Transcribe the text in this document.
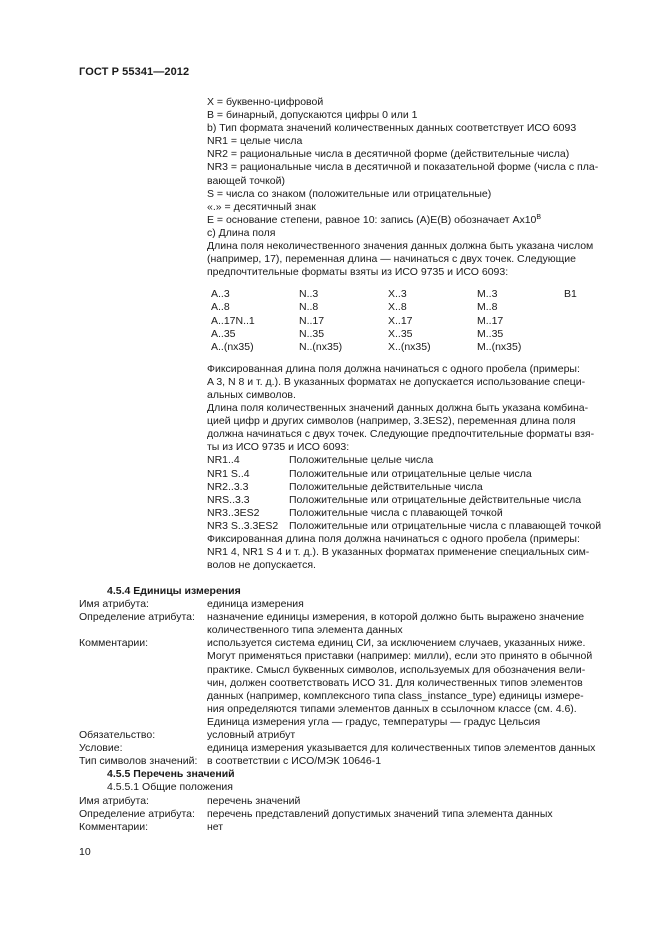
ГОСТ Р 55341—2012
X = буквенно-цифровой
В = бинарный, допускаются цифры 0 или 1
b) Тип формата значений количественных данных соответствует ИСО 6093
NR1 = целые числа
NR2 = рациональные числа в десятичной форме (действительные числа)
NR3 = рациональные числа в десятичной и показательной форме (числа с пла-
вающей точкой)
S = числа со знаком (положительные или отрицательные)
«.» = десятичный знак
Е = основание степени, равное 10: запись (А)Е(В) обозначает $Ах10^В$
c) Длина поля
Длина поля неколичественного значения данных должна быть указана числом
(например, 17), переменная длина — начинаться с двух точек. Следующие
предпочтительные форматы взяты из ИСО 9735 и ИСО 6093:
A..3	N..3	X..3	M..3	B1
A..8	N..8	X..8	M..8
A..17N..1	N..17	X..17	M..17
A..35	N..35	X..35	M..35
A..(nx35)	N..(nx35)	X..(nx35)	M..(nx35)
Фиксированная длина поля должна начинаться с одного пробела (примеры:
A 3, N 8 и т. д.). В указанных форматах не допускается использование специ-
альных символов.
Длина поля количественных значений данных должна быть указана комбина-
цией цифр и других символов (например, 3.3ES2), переменная длина поля
должна начинаться с двух точек. Следующие предпочтительные форматы взя-
ты из ИСО 9735 и ИСО 6093:
NR1..4	Положительные целые числа
NR1 S..4	Положительные или отрицательные целые числа
NR2..3.3	Положительные действительные числа
NRS..3.3	Положительные или отрицательные действительные числа
NR3..3ES2	Положительные числа с плавающей точкой
NR3 S..3.3ES2	Положительные или отрицательные числа с плавающей точкой
Фиксированная длина поля должна начинаться с одного пробела (примеры:
NR1 4, NR1 S 4 и т. д.). В указанных форматах применение специальных сим-
волов не допускается.
4.5.4 Единицы измерения
Имя атрибута:	единица измерения
Определение атрибута:	назначение единицы измерения, в которой должно быть выражено значение
количественного типа элемента данных
Комментарии:	используется система единиц СИ, за исключением случаев, указанных ниже.
Могут применяться приставки (например: милли), если это принято в обычной
практике. Смысл буквенных символов, используемых для обозначения вели-
чин, должен соответствовать ИСО 31. Для количественных типов элементов
данных (например, комплексного типа class_instance_type) единицы измере-
ния определяются типами элементов данных в ссылочном классе (см. 4.6).
Единица измерения угла — градус, температуры — градус Цельсия
Обязательство:	условный атрибут
Условие:	единица измерения указывается для количественных типов элементов данных
Тип символов значений: в соответствии с ИСО/МЭК 10646-1
4.5.5 Перечень значений
4.5.5.1 Общие положения
Имя атрибута:	перечень значений
Определение атрибута:	перечень представлений допустимых значений типа элемента данных
Комментарии:	нет
10
